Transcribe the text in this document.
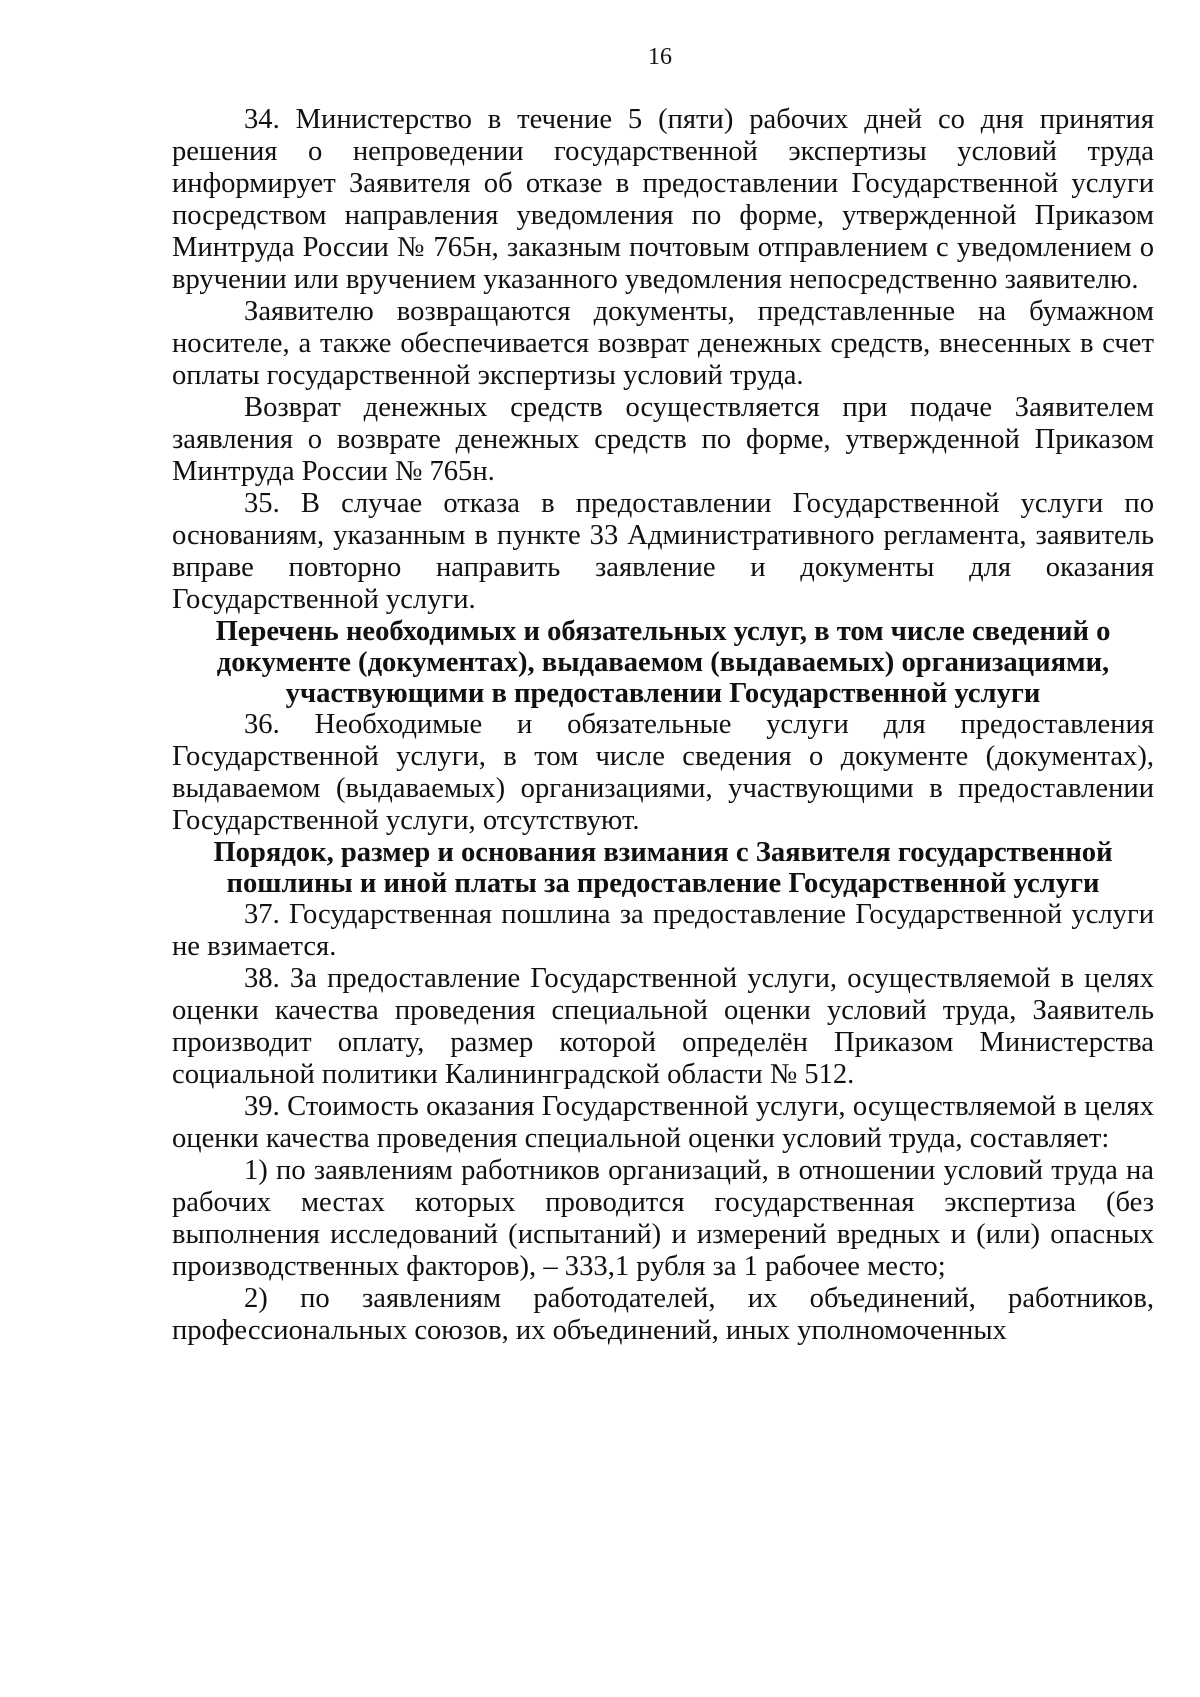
16

34. Министерство в течение 5 (пяти) рабочих дней со дня принятия решения о непроведении государственной экспертизы условий труда информирует Заявителя об отказе в предоставлении Государственной услуги посредством направления уведомления по форме, утвержденной Приказом Минтруда России № 765н, заказным почтовым отправлением с уведомлением о вручении или вручением указанного уведомления непосредственно заявителю.

Заявителю возвращаются документы, представленные на бумажном носителе, а также обеспечивается возврат денежных средств, внесенных в счет оплаты государственной экспертизы условий труда.

Возврат денежных средств осуществляется при подаче Заявителем заявления о возврате денежных средств по форме, утвержденной Приказом Минтруда России № 765н.

35. В случае отказа в предоставлении Государственной услуги по основаниям, указанным в пункте 33 Административного регламента, заявитель вправе повторно направить заявление и документы для оказания Государственной услуги.

Перечень необходимых и обязательных услуг, в том числе сведений о документе (документах), выдаваемом (выдаваемых) организациями, участвующими в предоставлении Государственной услуги

36. Необходимые и обязательные услуги для предоставления Государственной услуги, в том числе сведения о документе (документах), выдаваемом (выдаваемых) организациями, участвующими в предоставлении Государственной услуги, отсутствуют.

Порядок, размер и основания взимания с Заявителя государственной пошлины и иной платы за предоставление Государственной услуги

37. Государственная пошлина за предоставление Государственной услуги не взимается.

38. За предоставление Государственной услуги, осуществляемой в целях оценки качества проведения специальной оценки условий труда, Заявитель производит оплату, размер которой определён Приказом Министерства социальной политики Калининградской области № 512.

39. Стоимость оказания Государственной услуги, осуществляемой в целях оценки качества проведения специальной оценки условий труда, составляет:

1) по заявлениям работников организаций, в отношении условий труда на рабочих местах которых проводится государственная экспертиза (без выполнения исследований (испытаний) и измерений вредных и (или) опасных производственных факторов), – 333,1 рубля за 1 рабочее место;

2) по заявлениям работодателей, их объединений, работников, профессиональных союзов, их объединений, иных уполномоченных
